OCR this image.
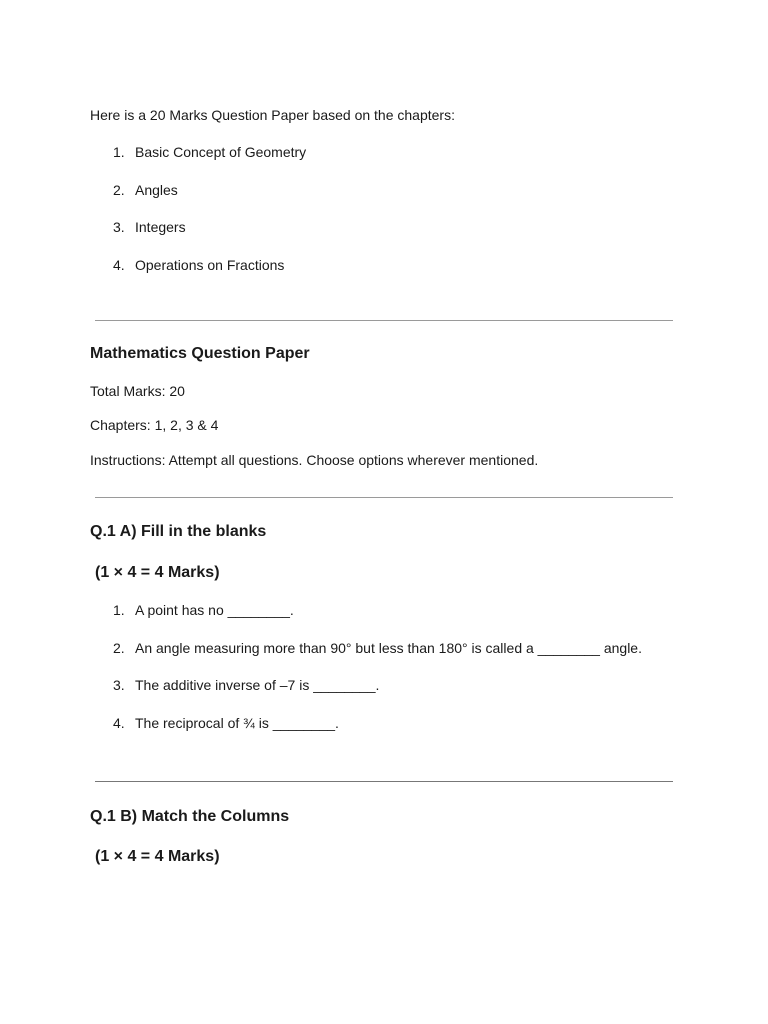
Here is a 20 Marks Question Paper based on the chapters:

1. Basic Concept of Geometry
2. Angles
3. Integers
4. Operations on Fractions
Mathematics Question Paper

Total Marks: 20

Chapters: 1, 2, 3 & 4

Instructions: Attempt all questions. Choose options wherever mentioned.

Q.1 A) Fill in the blanks

(1 × 4 = 4 Marks)

1. A point has no ________.
2. An angle measuring more than 90° but less than 180° is called a ________ angle.
3. The additive inverse of –7 is ________.
4. The reciprocal of ¾ is ________.
Q.1 B) Match the Columns

(1 × 4 = 4 Marks)
